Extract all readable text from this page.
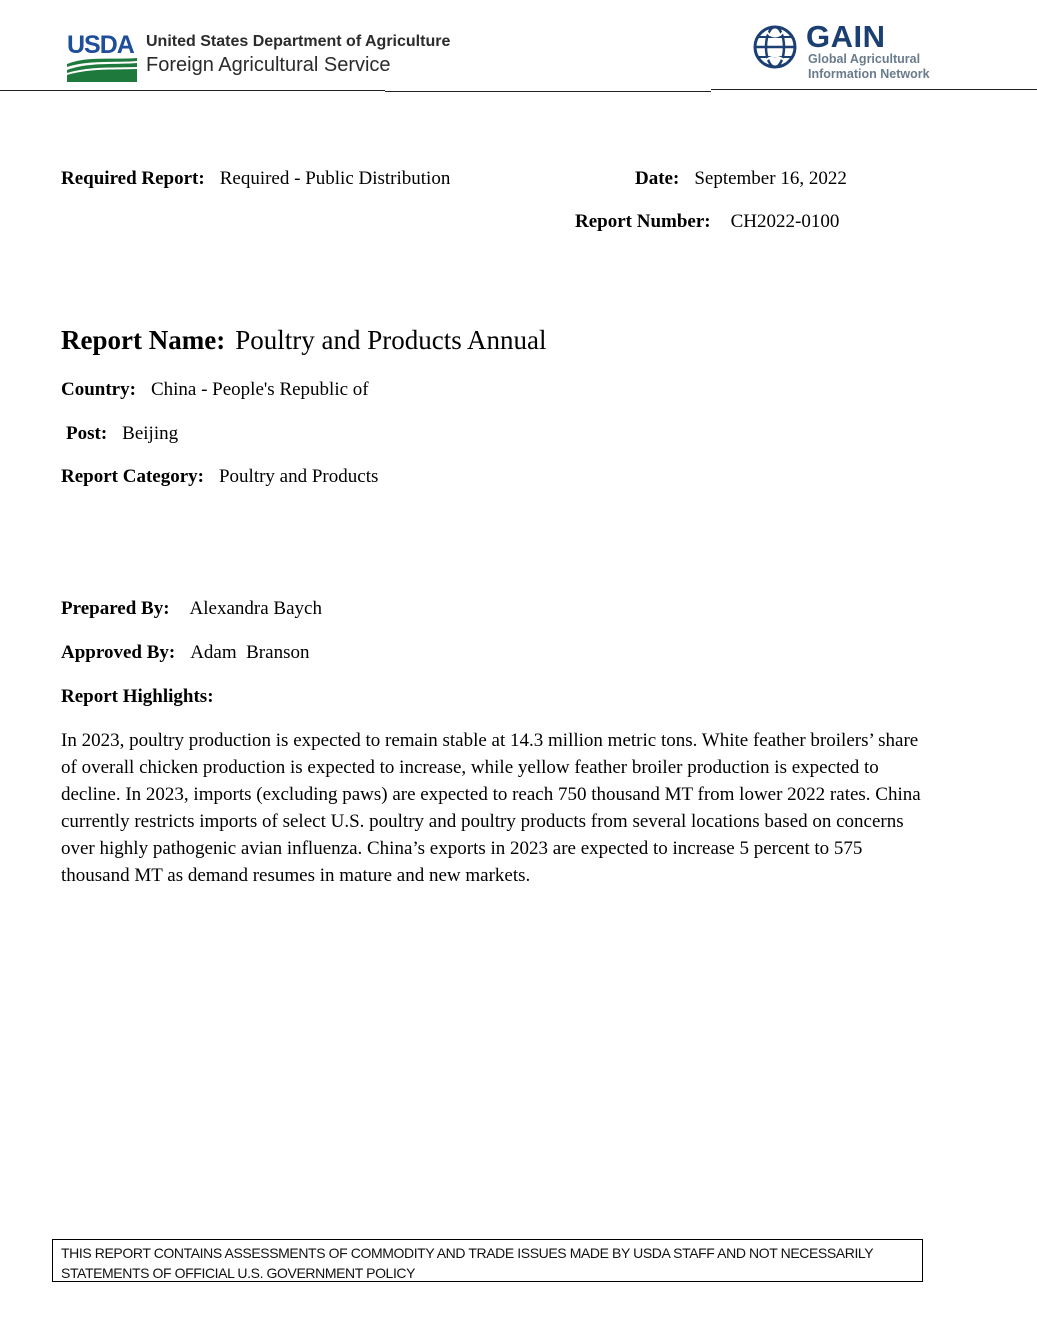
USDA United States Department of Agriculture
Foreign Agricultural Service
GAIN
Global Agricultural
Information Network
Required Report: Required - Public Distribution	Date: September 16, 2022
Report Number: CH2022-0100
Report Name: Poultry and Products Annual
Country: China - People's Republic of
Post: Beijing
Report Category: Poultry and Products
Prepared By: Alexandra Baych
Approved By: Adam  Branson
Report Highlights:

In 2023, poultry production is expected to remain stable at 14.3 million metric tons. White feather broilers’ share of overall chicken production is expected to increase, while yellow feather broiler production is expected to decline. In 2023, imports (excluding paws) are expected to reach 750 thousand MT from lower 2022 rates. China currently restricts imports of select U.S. poultry and poultry products from several locations based on concerns over highly pathogenic avian influenza. China’s exports in 2023 are expected to increase 5 percent to 575 thousand MT as demand resumes in mature and new markets.

THIS REPORT CONTAINS ASSESSMENTS OF COMMODITY AND TRADE ISSUES MADE BY USDA STAFF AND NOT NECESSARILY STATEMENTS OF OFFICIAL U.S. GOVERNMENT POLICY
